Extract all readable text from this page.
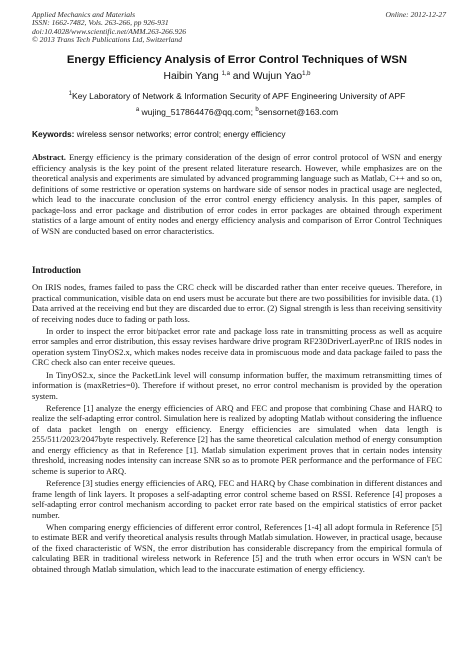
Applied Mechanics and Materials
ISSN: 1662-7482, Vols. 263-266, pp 926-931
doi:10.4028/www.scientific.net/AMM.263-266.926
© 2013 Trans Tech Publications Ltd, Switzerland
Online: 2012-12-27
Energy Efficiency Analysis of Error Control Techniques of WSN
Haibin Yang $^{1,a}$ and Wujun Yao$^{1,b}$
$^1$Key Laboratory of Network & Information Security of APF Engineering University of APF
$^a$ wujing_517864476@qq.com; $^b$sensornet@163.com
Keywords: wireless sensor networks; error control; energy efficiency
Abstract. Energy efficiency is the primary consideration of the design of error control protocol of WSN and energy efficiency analysis is the key point of the present related literature research. However, while emphasizes are on the theoretical analysis and experiments are simulated by advanced programming language such as Matlab, C++ and so on, definitions of some restrictive or operation systems on hardware side of sensor nodes in practical usage are neglected, which lead to the inaccurate conclusion of the error control energy efficiency analysis. In this paper, samples of package-loss and error package and distribution of error codes in error packages are obtained through experiment statistics of a large amount of entity nodes and energy efficiency analysis and comparison of Error Control Techniques of WSN are conducted based on error characteristics.
Introduction

On IRIS nodes, frames failed to pass the CRC check will be discarded rather than enter receive queues. Therefore, in practical communication, visible data on end users must be accurate but there are two possibilities for invisible data. (1) Data arrived at the receiving end but they are discarded due to error. (2) Signal strength is less than receiving sensitivity of receiving nodes duce to fading or path loss.

In order to inspect the error bit/packet error rate and package loss rate in transmitting process as well as acquire error samples and error distribution, this essay revises hardware drive program RF230DriverLayerP.nc of IRIS nodes in operation system TinyOS2.x, which makes nodes receive data in promiscuous mode and data package failed to pass the CRC check also can enter receive queues.

In TinyOS2.x, since the PacketLink level will consump information buffer, the maximum retransmitting times of information is (maxRetries=0). Therefore if without preset, no error control mechanism is provided by the operation system.

Reference [1] analyze the energy efficiencies of ARQ and FEC and propose that combining Chase and HARQ to realize the self-adapting error control. Simulation here is realized by adopting Matlab without considering the influence of data packet length on energy efficiency. Energy efficiencies are simulated when data length is 255/511/2023/2047byte respectively. Reference [2] has the same theoretical calculation method of energy consumption and energy efficiency as that in Reference [1]. Matlab simulation experiment proves that in certain nodes intensity threshold, increasing nodes intensity can increase SNR so as to promote PER performance and the performance of FEC scheme is superior to ARQ.

Reference [3] studies energy efficiencies of ARQ, FEC and HARQ by Chase combination in different distances and frame length of link layers. It proposes a self-adapting error control scheme based on RSSI. Reference [4] proposes a self-adapting error control mechanism according to packet error rate based on the empirical statistics of error packet number.

When comparing energy efficiencies of different error control, References [1-4] all adopt formula in Reference [5] to estimate BER and verify theoretical analysis results through Matlab simulation. However, in practical usage, because of the fixed characteristic of WSN, the error distribution has considerable discrepancy from the empirical formula of calculating BER in traditional wireless network in Reference [5] and the truth when error occurs in WSN can't be obtained through Matlab simulation, which lead to the inaccurate estimation of energy efficiency.
